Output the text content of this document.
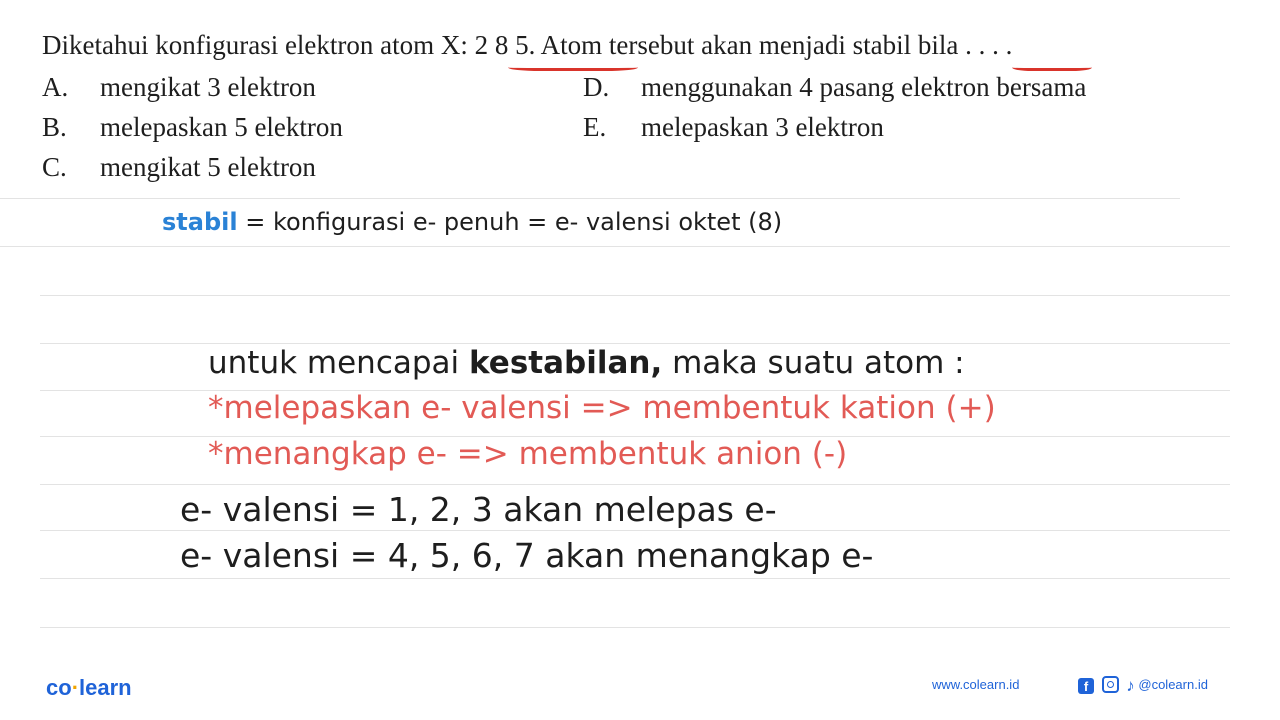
Diketahui konfigurasi elektron atom X: 2 8 5. Atom tersebut akan menjadi stabil bila . . . .
A. mengikat 3 elektron
B. melepaskan 5 elektron
C. mengikat 5 elektron
D. menggunakan 4 pasang elektron bersama
E. melepaskan 3 elektron
stabil = konfigurasi e- penuh = e- valensi oktet (8)
untuk mencapai kestabilan, maka suatu atom :
*melepaskan e- valensi => membentuk kation (+)
*menangkap e- => membentuk anion (-)
e- valensi = 1, 2, 3 akan melepas e-
e- valensi = 4, 5, 6, 7 akan menangkap e-
co·learn	www.colearn.id	f ♪ @colearn.id
